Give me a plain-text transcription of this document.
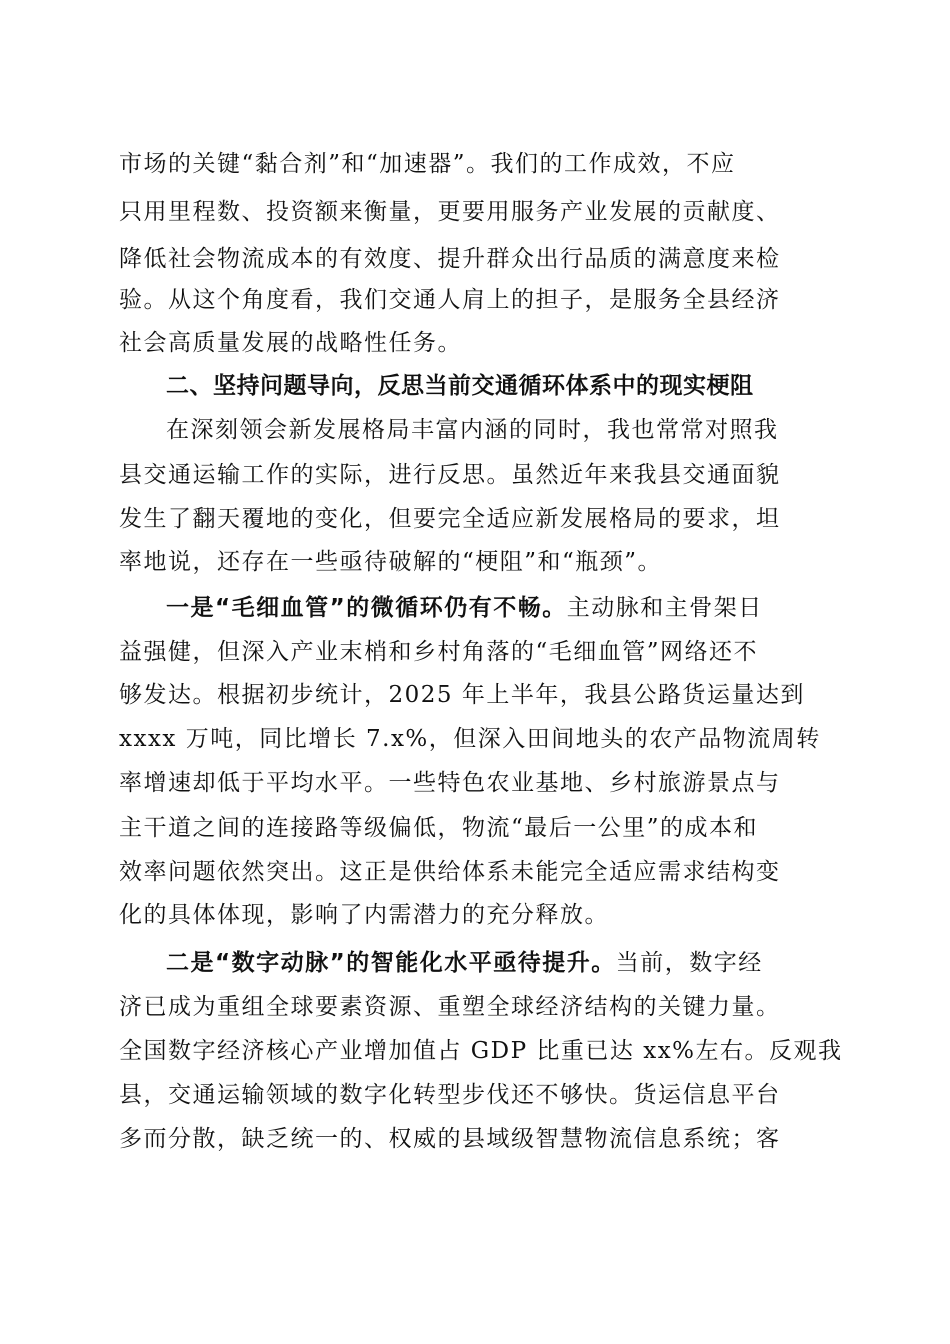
市场的关键“黏合剂”和“加速器”。我们的工作成效，不应
只用里程数、投资额来衡量，更要用服务产业发展的贡献度、
降低社会物流成本的有效度、提升群众出行品质的满意度来检
验。从这个角度看，我们交通人肩上的担子，是服务全县经济
社会高质量发展的战略性任务。
二、坚持问题导向，反思当前交通循环体系中的现实梗阻
在深刻领会新发展格局丰富内涵的同时，我也常常对照我
县交通运输工作的实际，进行反思。虽然近年来我县交通面貌
发生了翻天覆地的变化，但要完全适应新发展格局的要求，坦
率地说，还存在一些亟待破解的“梗阻”和“瓶颈”。
一是“毛细血管”的微循环仍有不畅。主动脉和主骨架日
益强健，但深入产业末梢和乡村角落的“毛细血管”网络还不
够发达。根据初步统计，2025 年上半年，我县公路货运量达到
xxxx 万吨，同比增长 7.x%，但深入田间地头的农产品物流周转
率增速却低于平均水平。一些特色农业基地、乡村旅游景点与
主干道之间的连接路等级偏低，物流“最后一公里”的成本和
效率问题依然突出。这正是供给体系未能完全适应需求结构变
化的具体体现，影响了内需潜力的充分释放。
二是“数字动脉”的智能化水平亟待提升。当前，数字经
济已成为重组全球要素资源、重塑全球经济结构的关键力量。
全国数字经济核心产业增加值占 GDP 比重已达 xx%左右。反观我
县，交通运输领域的数字化转型步伐还不够快。货运信息平台
多而分散，缺乏统一的、权威的县域级智慧物流信息系统；客
